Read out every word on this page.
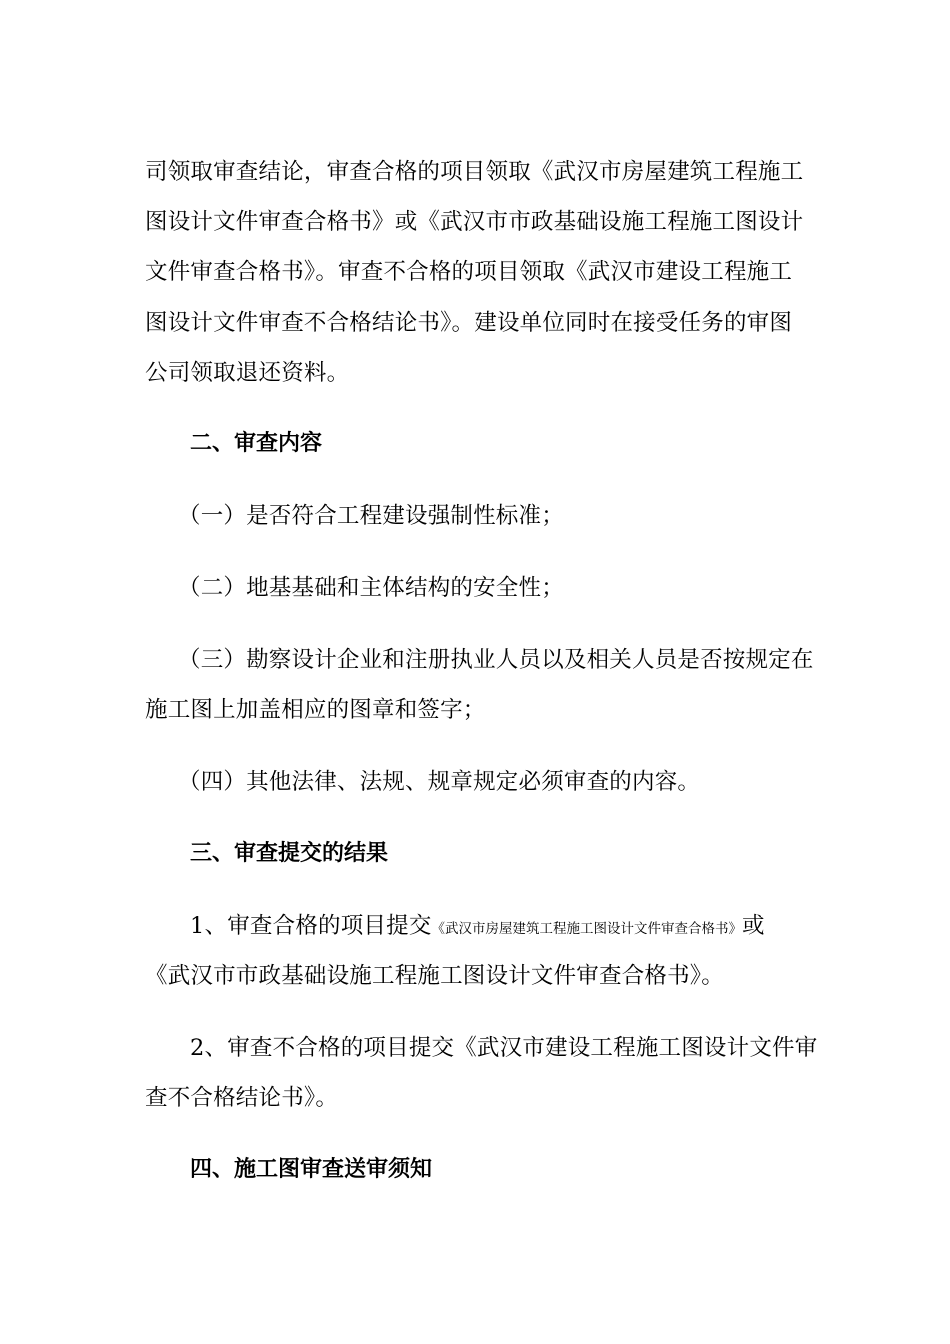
司领取审查结论，审查合格的项目领取《武汉市房屋建筑工程施工
图设计文件审查合格书》或《武汉市市政基础设施工程施工图设计
文件审查合格书》。审查不合格的项目领取《武汉市建设工程施工
图设计文件审查不合格结论书》。建设单位同时在接受任务的审图
公司领取退还资料。
二、审查内容
（一）是否符合工程建设强制性标准；
（二）地基基础和主体结构的安全性；
（三）勘察设计企业和注册执业人员以及相关人员是否按规定在
施工图上加盖相应的图章和签字；
（四）其他法律、法规、规章规定必须审查的内容。
三、审查提交的结果
1、审查合格的项目提交《武汉市房屋建筑工程施工图设计文件审查合格书》或
《武汉市市政基础设施工程施工图设计文件审查合格书》。
2、审查不合格的项目提交《武汉市建设工程施工图设计文件审
查不合格结论书》。
四、施工图审查送审须知
